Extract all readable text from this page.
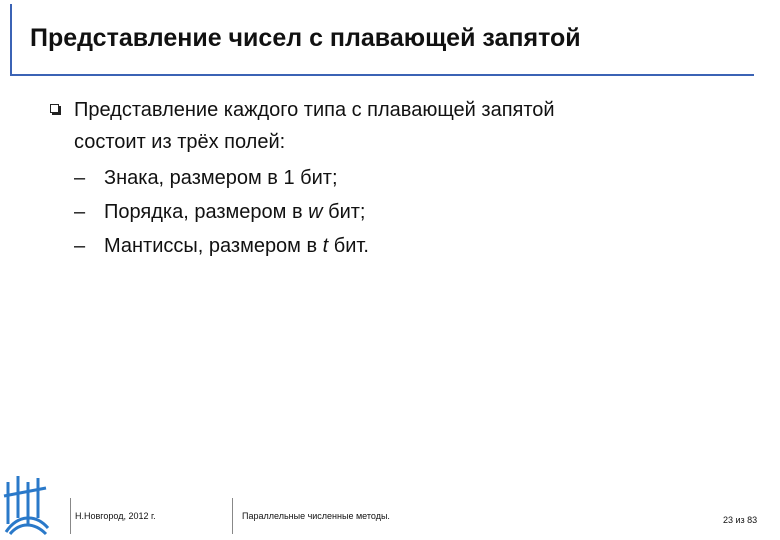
Представление чисел с плавающей запятой
Представление каждого типа с плавающей запятой
состоит из трёх полей:
– Знака, размером в 1 бит;
– Порядка, размером в w бит;
– Мантиссы, размером в t бит.
Н.Новгород, 2012 г.	Параллельные численные методы.	23 из 83
